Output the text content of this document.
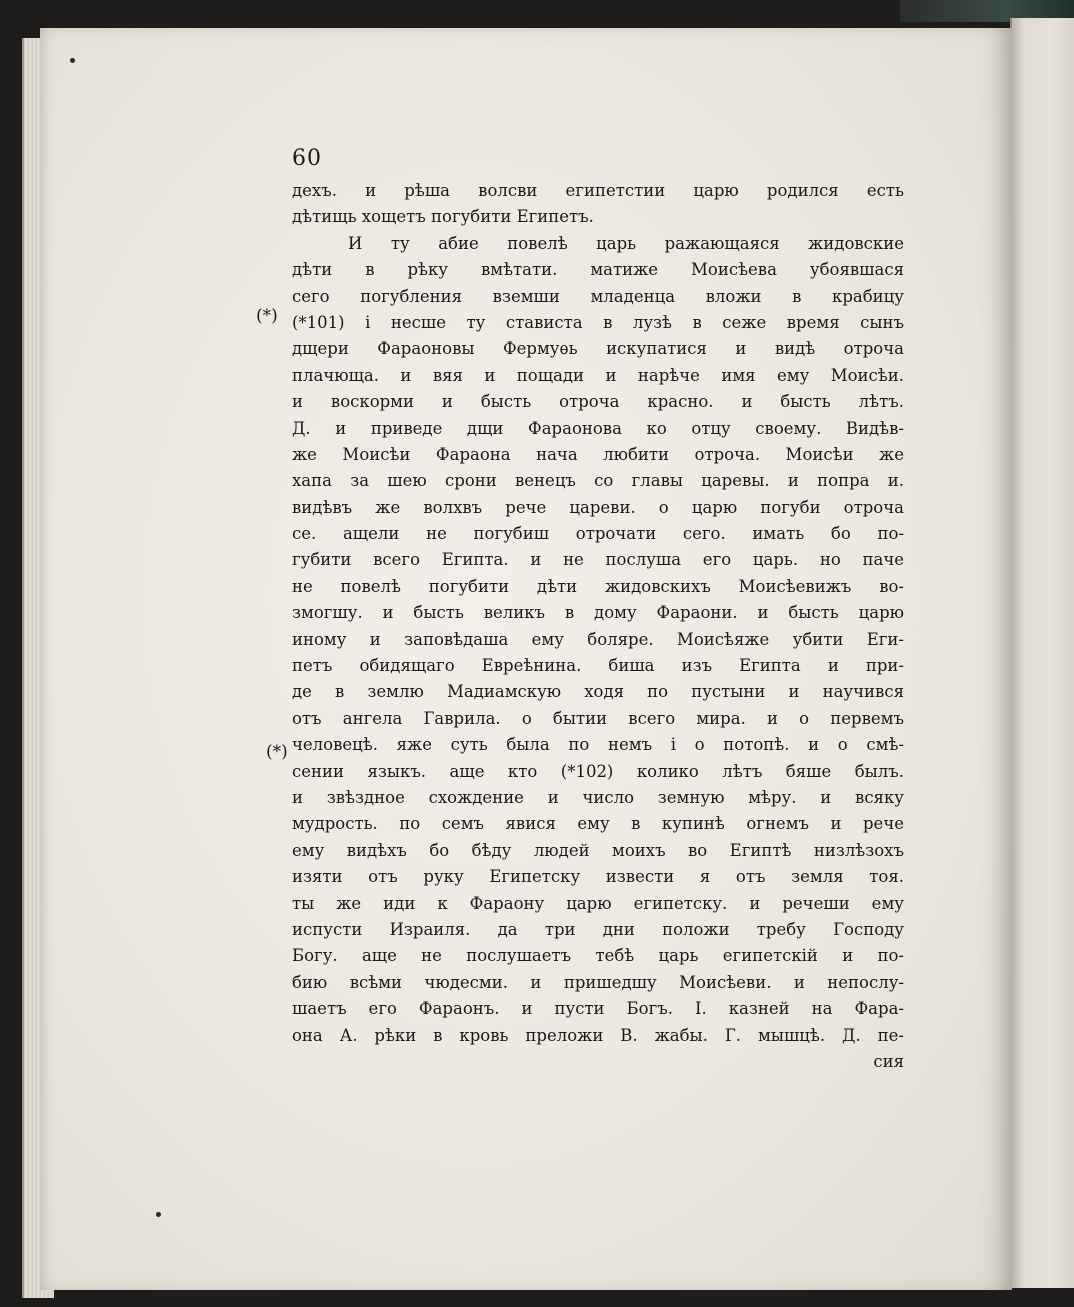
60
(*)
(*)
дехъ. и рѣша волсви египетстии царю родился есть
дѣтищь хощетъ погубити Египетъ.
И ту абие повелѣ царь ражающаяся жидовские
дѣти в рѣку вмѣтати. матиже Моисѣева убоявшася
сего погубления вземши младенца вложи в крабицу
(*101) і несше ту стависта в лузѣ в сеже время сынъ
дщери Фараоновы Фермуѳь искупатися и видѣ отроча
плачюща. и вяя и пощади и нарѣче имя ему Моисѣи.
и воскорми и бысть отроча красно. и бысть лѣтъ.
Д. и приведе дщи Фараонова ко отцу своему. Видѣв-
же Моисѣи Фараона нача любити отроча. Моисѣи же
хапа за шею срони венецъ со главы царевы. и попра и.
видѣвъ же волхвъ рече цареви. о царю погуби отроча
се. ащели не погубиш отрочати сего. имать бо по-
губити всего Египта. и не послуша его царь. но паче
не повелѣ погубити дѣти жидовскихъ Моисѣевижъ во-
змогшу. и бысть великъ в дому Фараони. и бысть царю
иному и заповѣдаша ему боляре. Моисѣяже убити Еги-
петъ обидящаго Евреѣнина. биша изъ Египта и при-
де в землю Мадиамскую ходя по пустыни и научився
отъ ангела Гаврила. о бытии всего мира. и о первемъ
человецѣ. яже суть была по немъ і о потопѣ. и о смѣ-
сении языкъ. аще кто (*102) колико лѣтъ бяше былъ.
и звѣздное схождение и число земную мѣру. и всяку
мудрость. по семъ явися ему в купинѣ огнемъ и рече
ему видѣхъ бо бѣду людей моихъ во Египтѣ низлѣзохъ
изяти отъ руку Египетску извести я отъ земля тоя.
ты же иди к Фараону царю египетску. и речеши ему
испусти Израиля. да три дни положи требу Господу
Богу. аще не послушаетъ тебѣ царь египетскій и по-
бию всѣми чюдесми. и пришедшу Моисѣеви. и непослу-
шаетъ его Фараонъ. и пусти Богъ. І. казней на Фара-
она А. рѣки в кровь преложи В. жабы. Г. мышцѣ. Д. пе-
сия
